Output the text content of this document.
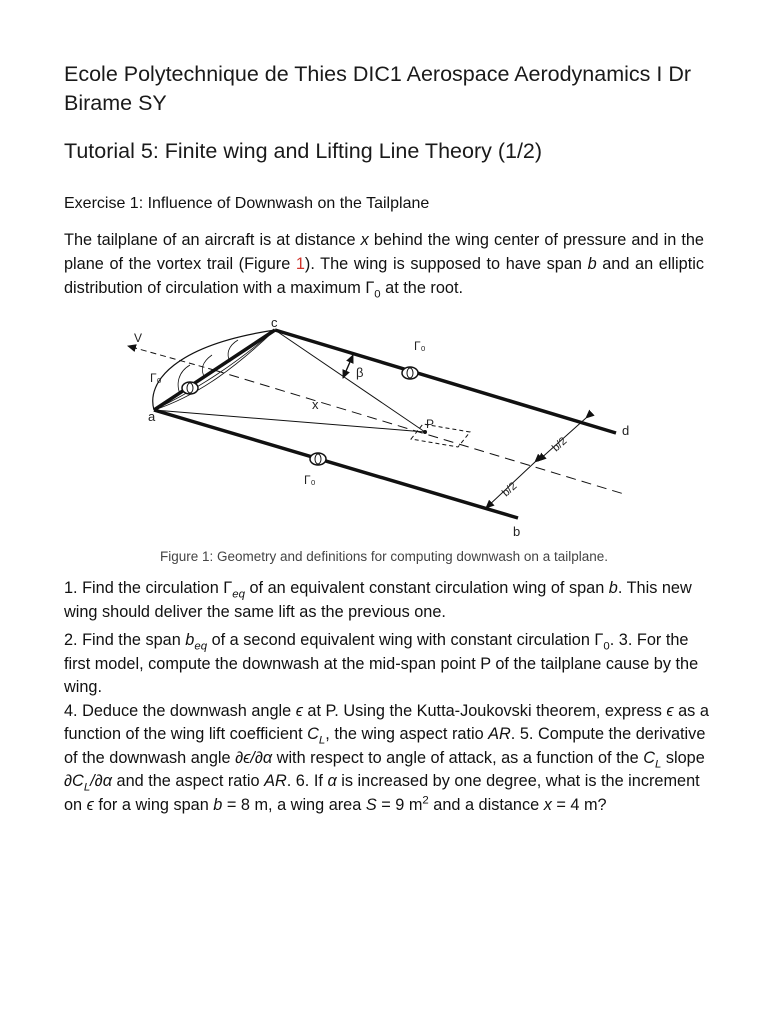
Ecole Polytechnique de Thies DIC1 Aerospace Aerodynamics I Dr Birame SY
Tutorial 5: Finite wing and Lifting Line Theory (1/2)
Exercise 1: Influence of Downwash on the Tailplane
The tailplane of an aircraft is at distance x behind the wing center of pressure and in the plane of the vortex trail (Figure 1). The wing is supposed to have span b and an elliptic distribution of circulation with a maximum $\Gamma_0$ at the root.
V
β
P
Γ₀
Γ₀
Γ₀
a
b
c
d
x
b/2
b/2
Figure 1: Geometry and definitions for computing downwash on a tailplane.

1. Find the circulation $\Gamma_{eq}$ of an equivalent constant circulation wing of span b. This new wing should deliver the same lift as the previous one.

2. Find the span $b_{eq}$ of a second equivalent wing with constant circulation $\Gamma_0$. 3. For the first model, compute the downwash at the mid-span point P of the tailplane cause by the wing.

4. Deduce the downwash angle ϵ at P. Using the Kutta-Joukovski theorem, express ϵ as a function of the wing lift coefficient $C_L$, the wing aspect ratio AR. 5. Compute the derivative of the downwash angle ∂ϵ/∂α with respect to angle of attack, as a function of the $C_L$ slope $\partial C_L/\partial\alpha$ and the aspect ratio AR. 6. If α is increased by one degree, what is the increment on ϵ for a wing span b = 8 m, a wing area S = 9 $m^2$ and a distance x = 4 m?
